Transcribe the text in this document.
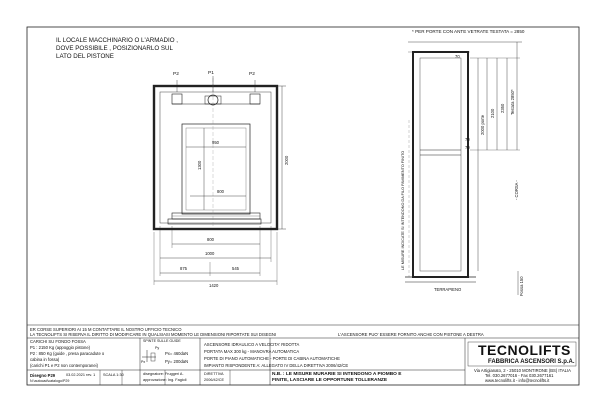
IL LOCALE MACCHINARIO O L'ARMADIO ,
DOVE POSSIBILE , POSIZIONARLO SUL
LATO DEL PISTONE
* PER PORTE CON ANTE VETRATE TESTATA = 2850
P2	P1	P2
950
1300
800
800
1000
875	545
1420
2000
70
2000 porte
2100
2350 Testata 2850*
70
70
- CORSA -
Fossa 150
LE MISURE INDICATE SI INTENDONO DA FILO PAVIMENTO FINITO
TERRAPIENO
ER CORSE SUPERIORI AI 15 M CONTATTARE IL NOSTRO UFFICIO TECNICO
LA TECNOLIFTS SI RISERVA IL DIRITTO DI MODIFICARE IN QUALSIASI MOMENTO LE DIMENSIONI RIPORTATE SUI DISEGNI	L'ASCENSORE PUO' ESSERE FORNITO ANCHE CON PISTONE A DESTRA
CARICHI SU FONDO FOSSA
P1 : 2150 Kg (appoggio pistone)
P2 : 850 Kg (guide , presa paracadute o
cabina in fossa)
(carichi P1 e P2 non contemporanei)
SPINTE SULLE GUIDE
Px
Py
Px= 460daN
Py= 200daN
ASCENSORE IDRAULICO A VELOCITA' RIDOTTA
PORTATA MAX 300 kg - MANOVRA AUTOMATICA
PORTE DI PIANO AUTOMATICHE - PORTE DI CABINA AUTOMATICHE
IMPIANTO RISPONDENTE A: ALLEGATO IV DELLA DIRETTIVA 2006/42/CE
Disegno P29	03.02.2021 rev. 1 SCALA 1:30
N:\autocad\catalogo\P29
disegnatore: Fruggeri A.
approvazione: Ing. Fagioli
DIRETTIVA
2006/42/CE
N.B. : LE MISURE MURARIE SI INTENDONO A PIOMBO E
FINITE, LASCIARE LE OPPORTUNE TOLLERANZE
TECNOLIFTS
FABBRICA ASCENSORI S.p.A.
Via Artigianato, 2 - 25010 MONTIRONE (BS) ITALIA
Tel. 030.2677016 - Fax 030.2677161
www.tecnolifts.it - info@tecnolifts.it
